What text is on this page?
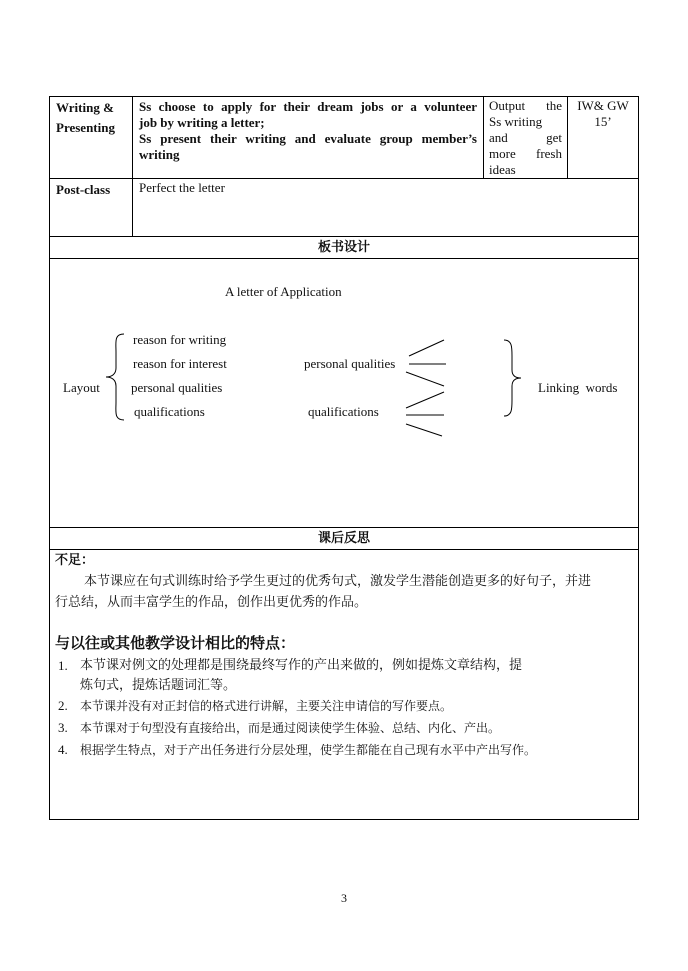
Writing &
Presenting
Ss choose to apply for their dream jobs or a volunteer
job by writing a letter;
Ss present their writing and evaluate group member’s
writing
Output the
Ss writing
and get
more fresh
ideas
IW& GW
15’
Post-class Perfect the letter
板书设计
A letter of Application
Layout
reason for writing
reason for interest
personal qualities
qualifications
personal qualities
qualifications
Linking  words
课后反思
不足：
本节课应在句式训练时给予学生更过的优秀句式，激发学生潜能创造更多的好句子，并进
行总结，从而丰富学生的作品，创作出更优秀的作品。
与以往或其他教学设计相比的特点：
1. 本节课对例文的处理都是围绕最终写作的产出来做的，例如提炼文章结构，提
炼句式，提炼话题词汇等。
2. 本节课并没有对正封信的格式进行讲解，主要关注申请信的写作要点。
3. 本节课对于句型没有直接给出，而是通过阅读使学生体验、总结、内化、产出。
4. 根据学生特点，对于产出任务进行分层处理，使学生都能在自己现有水平中产出写作。
3
